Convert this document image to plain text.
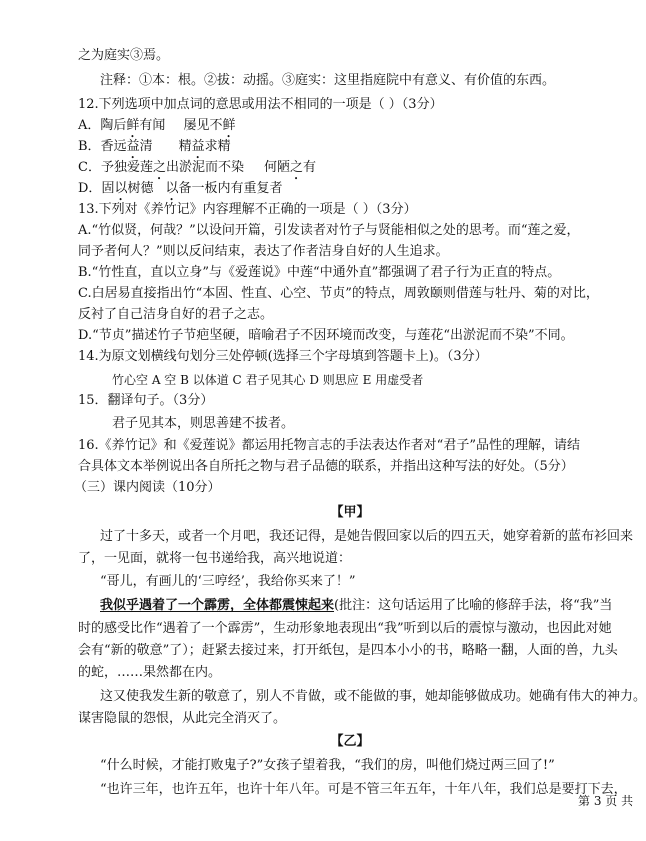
之为庭实③焉。
注释：①本：根。②拔：动摇。③庭实：这里指庭院中有意义、有价值的东西。
12.下列选项中加点词的意思或用法不相同的一项是（ ）（3分）
A．陶后鲜有闻 屡见不鲜
B．香远益清 精益求精
C．予独爱莲之出淤泥而不染 何陋之有
D．固以树德 以备一板内有重复者
13.下列对《养竹记》内容理解不正确的一项是（ ）（3分）
A.“竹似贤，何哉？”以设问开篇，引发读者对竹子与贤能相似之处的思考。而“莲之爱，
同予者何人？”则以反问结束，表达了作者洁身自好的人生追求。
B.“竹性直，直以立身”与《爱莲说》中莲“中通外直”都强调了君子行为正直的特点。
C.白居易直接指出竹“本固、性直、心空、节贞”的特点，周敦颐则借莲与牡丹、菊的对比，
反衬了自己洁身自好的君子之志。
D.“节贞”描述竹子节疤坚硬，暗喻君子不因环境而改变，与莲花“出淤泥而不染”不同。
14.为原文划横线句划分三处停顿(选择三个字母填到答题卡上)。（3分）
竹心空 A 空 B 以体道 C 君子见其心 D 则思应 E 用虚受者
15．翻译句子。（3分）
君子见其本，则思善建不拔者。
16.《养竹记》和《爱莲说》都运用托物言志的手法表达作者对“君子”品性的理解，请结
合具体文本举例说出各自所托之物与君子品德的联系，并指出这种写法的好处。（5分）
（三）课内阅读（10分）
【甲】
过了十多天，或者一个月吧，我还记得，是她告假回家以后的四五天，她穿着新的蓝布衫回来
了，一见面，就将一包书递给我，高兴地说道：
“哥儿，有画儿的‘三哼经’，我给你买来了！”
我似乎遇着了一个霹雳，全体都震悚起来(批注：这句话运用了比喻的修辞手法，将“我”当
时的感受比作“遇着了一个霹雳”，生动形象地表现出“我”听到以后的震惊与激动，也因此对她
会有“新的敬意”了）；赶紧去接过来，打开纸包，是四本小小的书，略略一翻，人面的兽，九头
的蛇，……果然都在内。
这又使我发生新的敬意了，别人不肯做，或不能做的事，她却能够做成功。她确有伟大的神力。
谋害隐鼠的怨恨，从此完全消灭了。
【乙】
“什么时候，才能打败鬼子?”女孩子望着我，“我们的房，叫他们烧过两三回了!”
“也许三年，也许五年，也许十年八年。可是不管三年五年，十年八年，我们总是要打下去，
第 3 页 共
